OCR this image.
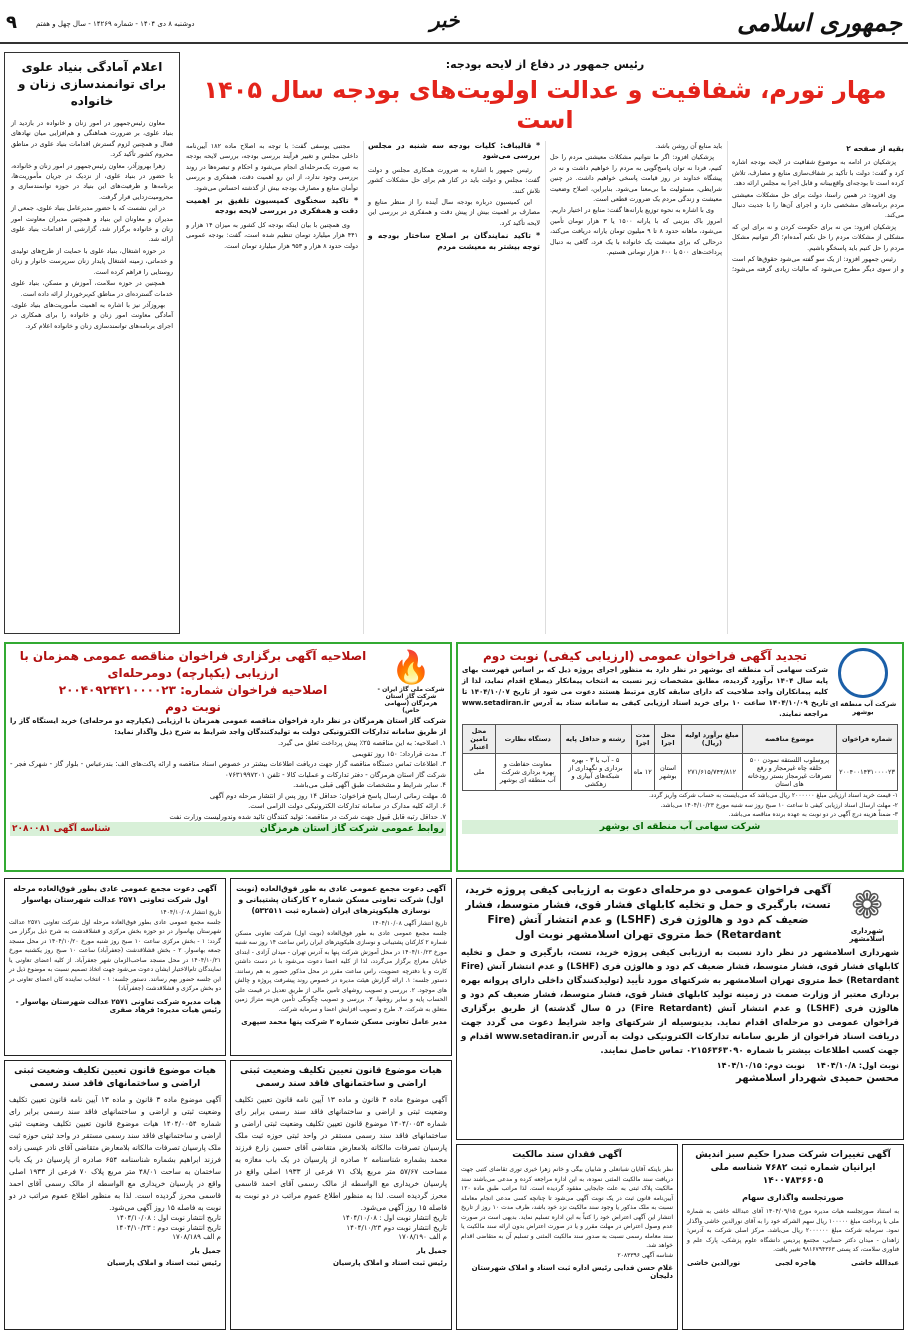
جمهوری اسلامی
خبر
دوشنبه ۸ دی ۱۴۰۴ - شماره ۱۴۲۶۹ - سال چهل و هفتم
۹
رئیس جمهور در دفاع از لایحه بودجه:
مهار تورم، شفافیت و عدالت اولویت‌های بودجه سال ۱۴۰۵ است
بقیه از صفحه ۲

پزشکیان در ادامه به موضوع شفافیت در لایحه بودجه اشاره کرد و گفت: دولت با تأکید بر شفاف‌سازی منابع و مصارف، تلاش کرده است تا بودجه‌ای واقع‌بینانه و قابل اجرا به مجلس ارائه دهد.

وی افزود: در همین راستا، دولت برای حل مشکلات معیشتی مردم برنامه‌های مشخصی دارد و اجرای آن‌ها را با جدیت دنبال می‌کند.

پزشکیان افزود: من نه برای حکومت کردن و نه برای این که مشکلی از مشکلات مردم را حل نکنم آمده‌ام؛ اگر نتوانیم مشکل مردم را حل کنیم باید پاسخگو باشیم.

رئیس جمهور افزود: از یک سو گفته می‌شود حقوق‌ها کم است و از سوی دیگر مطرح می‌شود که مالیات زیادی گرفته می‌شود؛ باید منابع آن روشن باشد.

پزشکیان افزود: اگر ما نتوانیم مشکلات معیشتی مردم را حل کنیم، فردا نه توان پاسخ‌گویی به مردم را خواهیم داشت و نه در پیشگاه خداوند در روز قیامت پاسخی خواهیم داشت. در چنین شرایطی، مسئولیت ما بی‌معنا می‌شود. بنابراین، اصلاح وضعیت معیشت و زندگی مردم یک ضرورت قطعی است.

وی با اشاره به نحوه توزیع یارانه‌ها گفت: منابع در اختیار داریم. امروز باک بنزینی که با یارانه ۱۵۰۰ یا ۳ هزار تومان تأمین می‌شود، ماهانه حدود ۸ تا ۹ میلیون تومان یارانه دریافت می‌کند، درحالی که برای معیشت یک خانواده با یک فرد، گاهی به دنبال پرداخت‌های ۵۰۰ یا ۶۰۰ هزار تومانی هستیم.

* قالیباف: کلیات بودجه سه شنبه در مجلس بررسی می‌شود

رئیس جمهور با اشاره به ضرورت همکاری مجلس و دولت گفت: مجلس و دولت باید در کنار هم برای حل مشکلات کشور تلاش کنند.

این کمیسیون درباره بودجه سال آینده را از منظر منابع و مصارف بر اهمیت بیش از پیش دقت و همفکری در بررسی این لایحه تأکید کرد.

* تاکید نمایندگان بر اصلاح ساختار بودجه و توجه بیشتر به معیشت مردم

مجتبی یوسفی گفت: با توجه به اصلاح ماده ۱۸۲ آیین‌نامه داخلی مجلس و تغییر فرآیند بررسی بودجه، بررسی لایحه بودجه به صورت یک‌مرحله‌ای انجام می‌شود و احکام و تبصره‌ها در روند بررسی وجود ندارد، از این رو اهمیت دقت، همفکری و بررسی توأمان منابع و مصارف بودجه بیش از گذشته احساس می‌شود.

* تاکید سخنگوی کمیسیون تلفیق بر اهمیت دقت و همفکری در بررسی لایحه بودجه

وی همچنین با بیان اینکه بودجه کل کشور به میزان ۱۴ هزار و ۴۴۱ هزار میلیارد تومان تنظیم شده است، گفت: بودجه عمومی دولت حدود ۸ هزار و ۹۵۳ هزار میلیارد تومان است.

اعلام آمادگی بنیاد علوی برای توانمندسازی زنان و خانواده

معاون رئیس‌جمهور در امور زنان و خانواده در بازدید از بنیاد علوی، بر ضرورت هماهنگی و هم‌افزایی میان نهادهای فعال و همچنین لزوم گسترش اقدامات بنیاد علوی در مناطق محروم کشور تأکید کرد.

زهرا بهروزآذر، معاون رئیس‌جمهور در امور زنان و خانواده، با حضور در بنیاد علوی، از نزدیک در جریان مأموریت‌ها، برنامه‌ها و ظرفیت‌های این بنیاد در حوزه توانمندسازی و محرومیت‌زدایی قرار گرفت.

در این نشست که با حضور مدیرعامل بنیاد علوی، جمعی از مدیران و معاونان این بنیاد و همچنین مدیران معاونت امور زنان و خانواده برگزار شد، گزارشی از اقدامات بنیاد علوی ارائه شد.

در حوزه اشتغال، بنیاد علوی با حمایت از طرح‌های تولیدی و خدماتی، زمینه اشتغال پایدار زنان سرپرست خانوار و زنان روستایی را فراهم کرده است.

همچنین در حوزه سلامت، آموزش و مسکن، بنیاد علوی خدمات گسترده‌ای در مناطق کم‌برخوردار ارائه داده است.

بهروزآذر نیز با اشاره به اهمیت مأموریت‌های بنیاد علوی، آمادگی معاونت امور زنان و خانواده را برای همکاری در اجرای برنامه‌های توانمندسازی زنان و خانواده اعلام کرد.

شرکت آب منطقه ای بوشهر
تجدید آگهی فراخوان عمومی (ارزیابی کیفی) نوبت دوم
شرکت سهامی آب منطقه ای بوشهر در نظر دارد به منظور اجرای پروژه ذیل که بر اساس فهرست بهای پایه سال ۱۴۰۴ برآورد گردیده، مطابق مشخصات زیر نسبت به انتخاب پیمانکار ذیصلاح اقدام نماید، لذا از کلیه پیمانکاران واجد صلاحیت که دارای سابقه کاری مرتبط هستند دعوت می شود از تاریخ ۱۴۰۴/۱۰/۰۷ تا تاریخ ۱۴۰۴/۱۰/۰۹ ساعت ۱۰ برای خرید اسناد ارزیابی کیفی به سامانه ستاد به آدرس www.setadiran.ir مراجعه نمایند.
شماره فراخوان	موضوع مناقصه	مبلغ برآورد اولیه (ریال)	محل اجرا	مدت اجرا	رشته و حداقل پایه	دستگاه نظارت	محل تامین اعتبار
۲۰۰۴۰۰۱۴۳۱۰۰۰۰۲۳	پروسلوب اللستقه نمودن ۵۰۰ حلقه چاه غیرمجاز و رفع تصرفات غیرمجاز بستر رودخانه های استان	۲۷۱/۶۱۵/۷۴۴/۸۱۲	استان بوشهر	۱۲ ماه	۵ - آب یا ۳ - بهره برداری و نگهداری از شبکه‌های آبیاری و زهکشی	معاونت حفاظت و بهره برداری شرکت آب منطقه ای بوشهر	ملی
۱- قیمت خرید اسناد ارزیابی مبلغ ۲۰۰۰۰۰۰ ریال می‌باشد که می‌بایست به حساب شرکت واریز گردد.
۲- مهلت ارسال اسناد ارزیابی کیفی تا ساعت ۱۰ صبح روز سه شنبه مورخ ۱۴۰۴/۱۰/۲۳ می‌باشد.
۳- ضمناً هزینه درج آگهی در دو نوبت به عهده برنده مناقصه می‌باشد.
شرکت سهامی آب منطقه ای بوشهر
🔥
شرکت ملی گاز ایران - شرکت گاز استان هرمزگان (سهامی خاص)
اصلاحیه آگهی برگزاری فراخوان مناقصه عمومی همزمان با ارزیابی (یکپارچه) دومرحله‌ای
اصلاحیه فراخوان شماره: ۲۰۰۴۰۹۲۴۲۱۰۰۰۰۲۳
نوبت دوم
شرکت گاز استان هرمزگان در نظر دارد فراخوان مناقصه عمومی همزمان با ارزیابی (یکپارچه دو مرحله‌ای) خرید ایستگاه گاز را از طریق سامانه تدارکات الکترونیکی دولت به تولیدکنندگان واجد شرایط به شرح ذیل واگذار نماید:
۱. اصلاحیه: به این مناقصه ۲۵٪ پیش پرداخت تعلق می گیرد.
۲. مدت قرارداد: ۱۵۰ روز تقویمی
۳. اطلاعات تماس دستگاه مناقصه گزار جهت دریافت اطلاعات بیشتر در خصوص اسناد مناقصه و ارائه پاکت‌های الف: بندرعباس - بلوار گاز - شهرک فجر - شرکت گاز استان هرمزگان - دفتر تدارکات و عملیات کالا - تلفن ۰۷۶۳۱۹۹۷۲۰۱
۴. سایر شرایط و مشخصات طبق آگهی قبلی می‌باشد.
۵. مهلت زمانی ارسال پاسخ فراخوان: حداقل ۱۴ روز پس از انتشار مرحله دوم آگهی
۶. ارائه کلیه مدارک در سامانه تدارکات الکترونیکی دولت الزامی است.
۷. حداقل رتبه قابل قبول جهت شرکت در مناقصه: تولید کنندگان تائید شده وندورلیست وزارت نفت
روابط عمومی شرکت گاز استان هرمزگان
شناسه آگهی ۲۰۸۰۰۸۱
❁
شهرداری اسلامشهر
آگهی فراخوان عمومی دو مرحله‌ای دعوت به ارزیابی کیفی پروژه خرید، تست، بارگیری و حمل و تخلیه کابلهای فشار قوی، فشار متوسط، فشار ضعیف کم دود و هالوژن فری (LSHF) و عدم انتشار آتش (Fire Retardant) خط متروی تهران اسلامشهر نوبت اول
شهرداری اسلامشهر در نظر دارد نسبت به ارزیابی کیفی پروژه خرید، تست، بارگیری و حمل و تخلیه کابلهای فشار قوی، فشار متوسط، فشار ضعیف کم دود و هالوژن فری (LSHF) و عدم انتشار آتش (Fire Retardant) خط متروی تهران اسلامشهر به شرکتهای مورد تأیید (تولیدکنندگان داخلی دارای پروانه بهره برداری معتبر از وزارت صمت در زمینه تولید کابلهای فشار قوی، فشار متوسط، فشار ضعیف کم دود و هالوژن فری (LSHF) و عدم انتشار آتش (Fire Retardant) در ۵ سال گذشته) از طریق برگزاری فراخوان عمومی دو مرحله‌ای اقدام نماید. بدینوسیله از شرکتهای واجد شرایط دعوت می گردد جهت دریافت اسناد فراخوان از طریق سامانه تدارکات الکترونیکی دولت به آدرس www.setadiran.ir اقدام و جهت کسب اطلاعات بیشتر با شماره ۰۲۱۵۶۳۶۳۰۹۰ تماس حاصل نمایند.
نوبت اول: ۱۴۰۴/۱۰/۸    نوبت دوم: ۱۴۰۴/۱۰/۱۵
محسن حمیدی شهردار اسلامشهر
آگهی دعوت مجمع عمومی عادی به طور فوق‌العاده (نوبت اول) شرکت تعاونی مسکن شماره ۲ کارکنان پشتیبانی و نوسازی هلیکوپترهای ایران (شماره ثبت ۵۳۲۵۱۱)
تاریخ انتشار آگهی ۱۴۰۴/۱۰/۰۸
جلسه مجمع عمومی عادی به طور فوق‌العاده (نوبت اول) شرکت تعاونی مسکن شماره ۲ کارکنان پشتیبانی و نوسازی هلیکوپترهای ایران راس ساعت ۱۴ روز سه شنبه مورخ ۱۴۰۴/۱۰/۲۳ در محل آموزش شرکت پنها به آدرس تهران - میدان آزادی - ابتدای خیابان معراج برگزار می‌گردد، لذا از کلیه اعضا دعوت می‌شود با در دست داشتن کارت و یا دفترچه عضویت، راس ساعت مقرر در محل مذکور حضور به هم رسانند. دستور جلسه: ۱. ارائه گزارش هیئت مدیره در خصوص روند پیشرفت پروژه و چالش های موجود. ۲. بررسی و تصویب روشهای تامین مالی از طریق تعدیل در قیمت علی الحساب پایه و سایر روشها. ۳. بررسی و تصویب چگونگی تأمین هزینه متراژ زمین متعلق به شرکت. ۴. طرح و تصویب افزایش اعضا و سرمایه شرکت.
مدیر عامل تعاونی مسکن شماره ۲ شرکت پنها محمد سپهری
آگهی دعوت مجمع عمومی عادی بطور فوق‌العاده مرحله اول شرکت تعاونی ۲۵۷۱ عدالت شهرستان بهاسوار
تاریخ انتشار ۱۴۰۴/۱۰/۰۸
جلسه مجمع عمومی عادی بطور فوق‌العاده مرحله اول شرکت تعاونی ۲۵۷۱ عدالت شهرستان بهاسوار در دو حوزه بخش مرکزی و قشلاقدشت به شرح ذیل برگزار می گردد: ۱ - بخش مرکزی ساعت ۱۰ صبح روز شنبه مورخ ۱۴۰۴/۱۰/۲۰ در محل مسجد جمعه بهاسوار. ۲ - بخش قشلاقدشت (جعفرآباد) ساعت ۱۰ صبح روز یکشنبه مورخ ۱۴۰۴/۱۰/۲۱ در محل مسجد صاحب‌الزمان شهر جعفرآباد. از کلیه اعضای تعاونی یا نمایندگان تام‌الاختیار ایشان دعوت می‌شود جهت اتخاذ تصمیم نسبت به موضوع ذیل در این جلسه حضور بهم رسانند. دستور جلسه: ۱ - انتخاب نماینده کان اعضای تعاونی در دو بخش مرکزی و قشلاقدشت (جعفرآباد)
هیات مدیره شرکت تعاونی ۲۵۷۱ عدالت شهرستان بهاسوار - رئیس هیات مدیره: فرهاد صفری
هیات موضوع قانون تعیین تکلیف وضعیت ثبتی اراضی و ساختمانهای فاقد سند رسمی
آگهی موضوع ماده ۳ قانون و ماده ۱۳ آیین نامه قانون تعیین تکلیف وضعیت ثبتی و اراضی و ساختمانهای فاقد سند رسمی برابر رای شماره ۱۴۰۴/۰۰۵۳ موضوع قانون تعیین تکلیف وضعیت ثبتی اراضی و ساختمانهای فاقد سند رسمی مستقر در واحد ثبتی حوزه ثبت ملک پارسیان تصرفات مالکانه بلامعارض متقاضی آقای حسین زارع فرزند محمد بشماره شناسنامه ۲ صادره از پارسیان در یک باب مغازه به مساحت ۵۷/۶۷ متر مربع پلاک ۷۱ فرعی از ۱۹۳۳ اصلی واقع در پارسیان خریداری مع الواسطه از مالک رسمی آقای احمد قاسمی محرز گردیده است. لذا به منظور اطلاع عموم مراتب در دو نوبت به فاصله ۱۵ روز آگهی می‌شود.
تاریخ انتشار نوبت اول : ۱۴۰۴/۱۰/۰۸
تاریخ انتشار نوبت دوم ۱۴۰۴/۱۰/۲۳
م الف ۱۷۰۸/۱۹۰
جمیل یار
رئیس ثبت اسناد و املاک پارسیان
هیات موضوع قانون تعیین تکلیف وضعیت ثبتی اراضی و ساختمانهای فاقد سند رسمی
آگهی موضوع ماده ۳ قانون و ماده ۱۳ آیین نامه قانون تعیین تکلیف وضعیت ثبتی و اراضی و ساختمانهای فاقد سند رسمی برابر رای شماره ۱۴۰۴/۰۰۵۴ هیات موضوع قانون تعیین تکلیف وضعیت ثبتی اراضی و ساختمانهای فاقد سند رسمی مستقر در واحد ثبتی حوزه ثبت ملک پارسیان تصرفات مالکانه بلامعارض متقاضی آقای نادر عیسی زاده فرزند ابراهیم بشماره شناسنامه ۶۵۴ صادره از پارسیان در یک باب ساختمان به ساحت ۴۸/۰۱ متر مربع پلاک ۷۰ فرعی از ۱۹۳۳ اصلی واقع در پارسیان خریداری مع الواسطه از مالک رسمی آقای احمد قاسمی محرز گردیده است. لذا به منظور اطلاع عموم مراتب در دو نوبت به فاصله ۱۵ روز آگهی می‌شود.
تاریخ انتشار نوبت اول : ۱۴۰۴/۱۰/۰۸
تاریخ انتشار نوبت دوم : ۱۴۰۴/۱۰/۲۳
م الف ۱۷۰۸/۱۸۹
جمیل یار
رئیس ثبت اسناد و املاک پارسیان
آگهی تغییرات شرکت صدرا حکیم سبز اندیش ایرانیان شماره ثبت ۷۶۸۲ شناسه ملی ۱۴۰۰۷۸۳۶۶۰۵
صورتجلسه واگذاری سهام
به استناد صورتجلسه هیات مدیره مورخ ۱۴۰۴/۰۹/۱۵ آقای عبدالله خاشی به شماره ملی با پرداخت مبلغ ۱۰۰۰۰۰ ریال سهم الشرکه خود را به آقای نورالدین خاشی واگذار نمود. سرمایه شرکت مبلغ ۲۰۰۰۰۰۰ ریال می‌باشد. مرکز اصلی شرکت به آدرس: زاهدان - میدان دکتر حسابی، مجتمع پردیس دانشگاه علوم پزشکی، پارک علم و فناوری سلامت، کد پستی ۹۸۱۶۷۹۴۳۶۳ تغییر یافت.
عبدالله خاشی
هاجره لجبی
نورالدین خاشی
آگهی فقدان سند مالکیت
نظر باینکه آقایان شبانعلی و شابیان بیگی و خانم زهرا خیری توری تقاضای کتبی جهت دریافت سند مالکیت المثنی نموده، به این اداره مراجعه کرده و مدعی می‌باشند سند مالکیت پلاک ثبتی به علت جابجایی مفقود گردیده است. لذا مراتب طبق ماده ۱۲۰ آیین‌نامه قانون ثبت در یک نوبت آگهی می‌شود تا چنانچه کسی مدعی انجام معامله نسبت به ملک مذکور یا وجود سند مالکیت نزد خود باشد، ظرف مدت ۱۰ روز از تاریخ انتشار این آگهی اعتراض خود را کتباً به این اداره تسلیم نماید. بدیهی است در صورت عدم وصول اعتراض در مهلت مقرر و یا در صورت اعتراض بدون ارائه سند مالکیت یا سند معامله رسمی نسبت به صدور سند مالکیت المثنی و تسلیم آن به متقاضی اقدام خواهد شد.
شناسه آگهی ۲۰۸۳۳۹۶
غلام حسن فدایی رئیس اداره ثبت اسناد و املاک شهرستان دلیجان
